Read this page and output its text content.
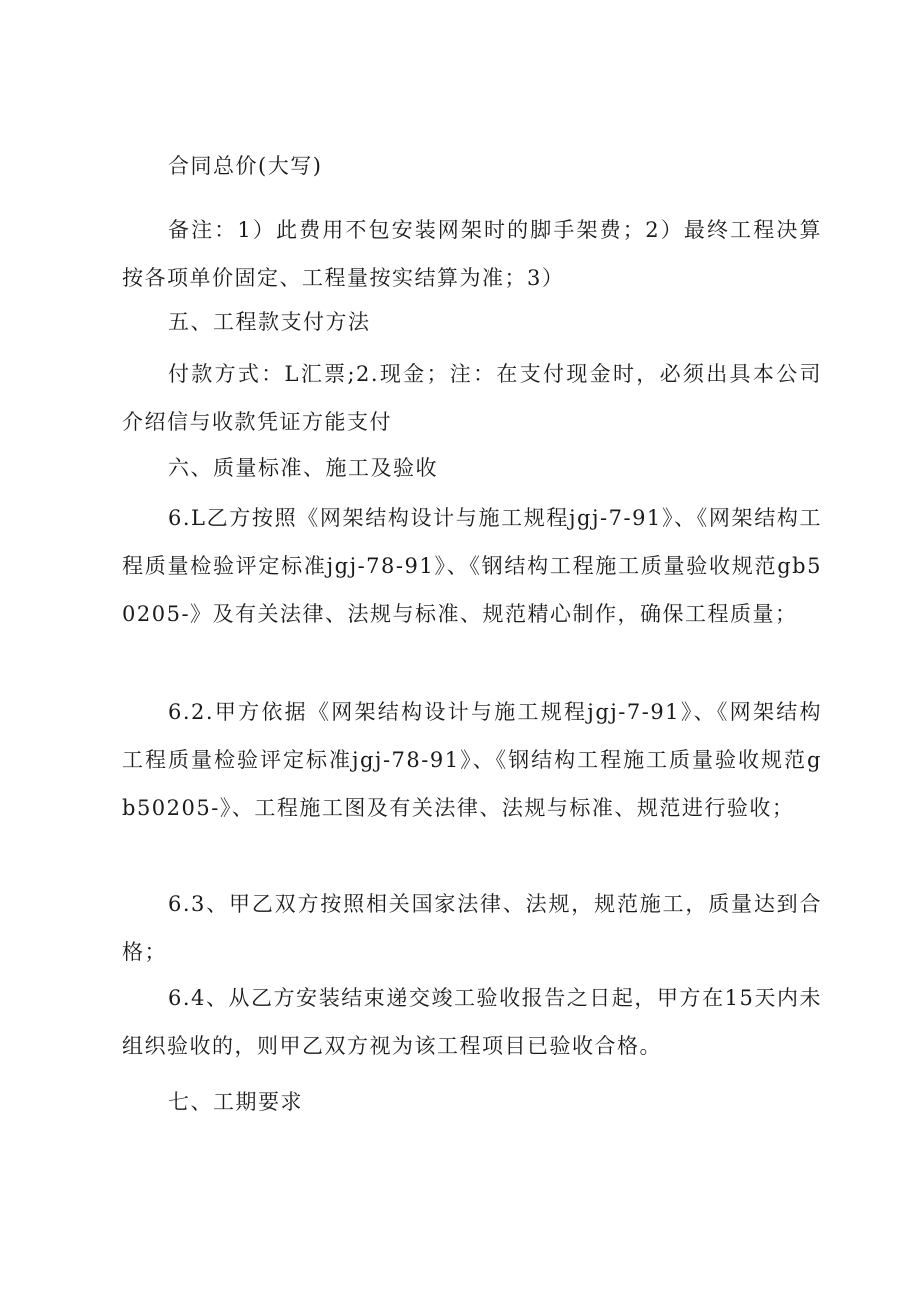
合同总价(大写)

备注：1）此费用不包安装网架时的脚手架费；2）最终工程决算按各项单价固定、工程量按实结算为准；3）

五、工程款支付方法

付款方式：L汇票;2.现金；注：在支付现金时，必须出具本公司介绍信与收款凭证方能支付

六、质量标准、施工及验收

6.L乙方按照《网架结构设计与施工规程jgj-7-91》、《网架结构工程质量检验评定标准jgj-78-91》、《钢结构工程施工质量验收规范gb50205-》及有关法律、法规与标准、规范精心制作，确保工程质量；

6.2.甲方依据《网架结构设计与施工规程jgj-7-91》、《网架结构工程质量检验评定标准jgj-78-91》、《钢结构工程施工质量验收规范gb50205-》、工程施工图及有关法律、法规与标准、规范进行验收；

6.3、甲乙双方按照相关国家法律、法规，规范施工，质量达到合格；

6.4、从乙方安装结束递交竣工验收报告之日起，甲方在15天内未组织验收的，则甲乙双方视为该工程项目已验收合格。

七、工期要求
